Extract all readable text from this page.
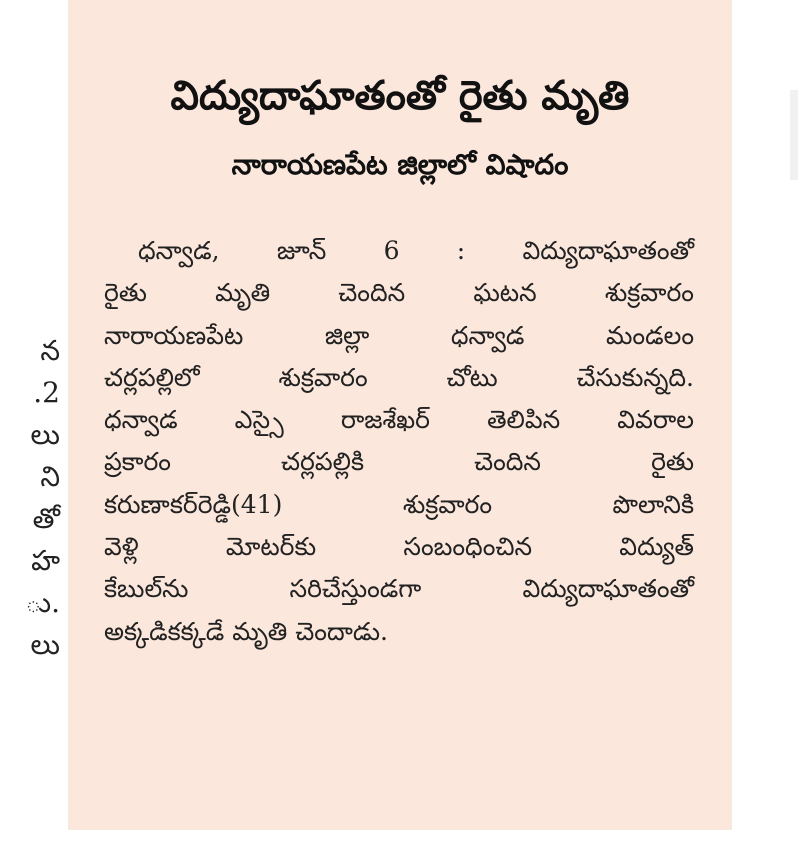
న
.2
లు
ని
తో
హ
ు.
లు
విద్యుదాఘాతంతో రైతు మృతి
నారాయణపేట జిల్లాలో విషాదం
ధన్వాడ, జూన్ 6 : విద్యుదాఘాతంతో
రైతు మృతి చెందిన ఘటన శుక్రవారం
నారాయణపేట జిల్లా ధన్వాడ మండలం
చర్లపల్లిలో శుక్రవారం చోటు చేసుకున్నది.
ధన్వాడ ఎస్సై రాజశేఖర్ తెలిపిన వివరాల
ప్రకారం చర్లపల్లికి చెందిన రైతు
కరుణాకర్‌రెడ్డి(41) శుక్రవారం పొలానికి
వెళ్లి మోటర్‌కు సంబంధించిన విద్యుత్
కేబుల్‌ను సరిచేస్తుండగా విద్యుదాఘాతంతో
అక్కడికక్కడే మృతి చెందాడు.
